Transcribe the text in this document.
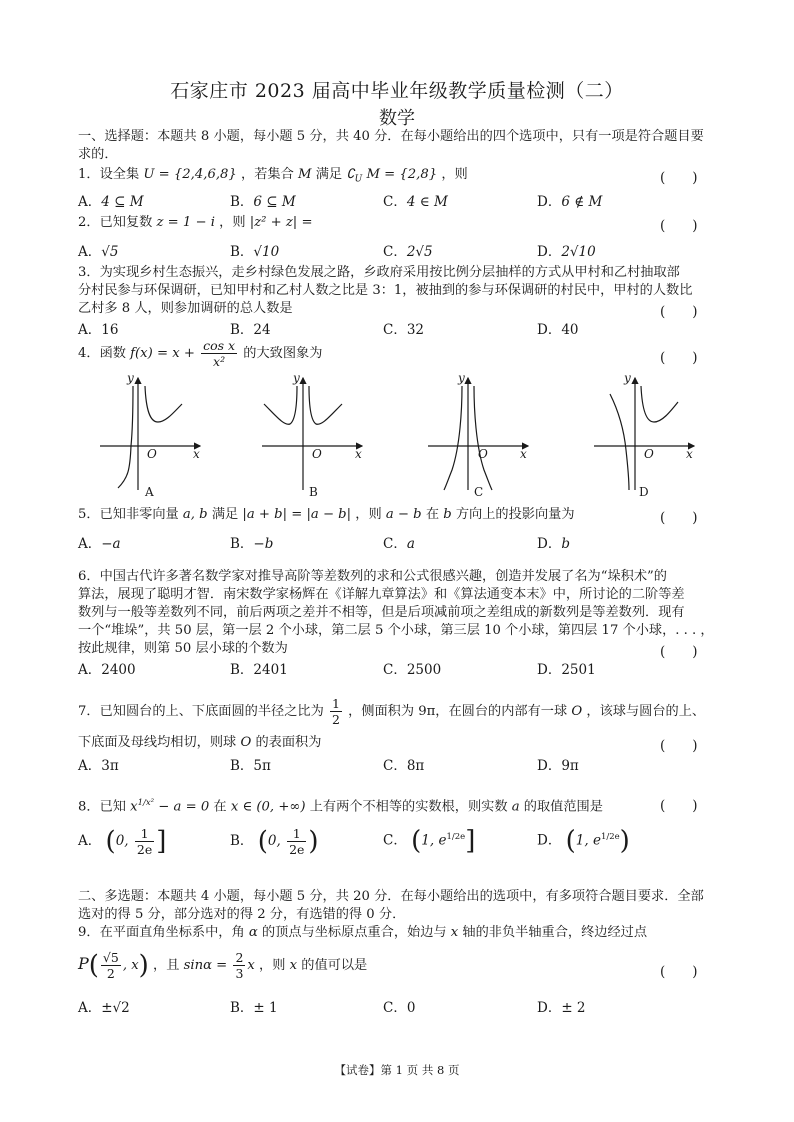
石家庄市 2023 届高中毕业年级教学质量检测（二）
数学
一、选择题：本题共 8 小题，每小题 5 分，共 40 分．在每小题给出的四个选项中，只有一项是符合题目要
求的．
1．设全集 U = {2,4,6,8} ，若集合 M 满足 $∁_U$ M = {2,8} ，则	(　　)
A．4 ⊆ M	B．6 ⊆ M	C．4 ∈ M	D．6 ∉ M
2．已知复数 z = 1 − i ，则 |z² + z| =	(　　)
A．√5	B．√10	C．2√5	D．2√10
3．为实现乡村生态振兴，走乡村绿色发展之路，乡政府采用按比例分层抽样的方式从甲村和乙村抽取部
分村民参与环保调研，已知甲村和乙村人数之比是 3：1，被抽到的参与环保调研的村民中，甲村的人数比
乙村多 8 人，则参加调研的总人数是	(　　)
A．16	B．24	C．32	D．40
4．函数 $f(x) = x + \frac{\text{cos x}}{\text{x²}}$ 的大致图象为	(　　)
y
O	x
A
y
O	x
B
y
O	x
C
y
O	x
D
5．已知非零向量 a, b 满足 |a + b| = |a − b| ，则 a − b 在 b 方向上的投影向量为	(　　)
A．−a	B．−b	C．a	D．b
6．中国古代许多著名数学家对推导高阶等差数列的求和公式很感兴趣，创造并发展了名为“垛积术”的
算法，展现了聪明才智．南宋数学家杨辉在《详解九章算法》和《算法通变本末》中，所讨论的二阶等差
数列与一般等差数列不同，前后两项之差并不相等，但是后项减前项之差组成的新数列是等差数列．现有
一个“堆垛”，共 50 层，第一层 2 个小球，第二层 5 个小球，第三层 10 个小球，第四层 17 个小球，. . . ，
按此规律，则第 50 层小球的个数为	(　　)
A．2400	B．2401	C．2500	D．2501
7．已知圆台的上、下底面圆的半径之比为 $\frac{1}{2}$ ，侧面积为 9π，在圆台的内部有一球 O ，该球与圆台的上、
下底面及母线均相切，则球 O 的表面积为	(　　)
A．3π	B．5π	C．8π	D．9π
8．已知 $x^{1/x^2} - a = 0$ 在 x ∈ (0, +∞) 上有两个不相等的实数根，则实数 a 的取值范围是	(　　)
A． (0, $\frac{1}{2e}$ ]	B． (0, $\frac{1}{2e}$ )	C． (1, $e^{1/2e}$]	D． (1, $e^{1/2e}$)
二、多选题：本题共 4 小题，每小题 5 分，共 20 分．在每小题给出的选项中，有多项符合题目要求．全部
选对的得 5 分，部分选对的得 2 分，有选错的得 0 分．
9．在平面直角坐标系中，角 α 的顶点与坐标原点重合，始边与 x 轴的非负半轴重合，终边经过点
$P( \frac{√5}{2}$ , x) ，且 $\sin\alpha = \frac{2}{3}$ x ，则 x 的值可以是	(　　)
A．±√2	B．± 1	C．0	D．± 2
【试卷】第 1 页 共 8 页
